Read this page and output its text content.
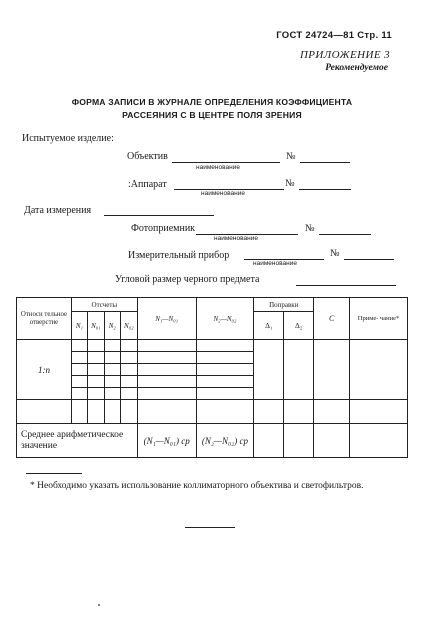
ГОСТ 24724—81 Стр. 11
ПРИЛОЖЕНИЕ 3
Рекомендуемое
ФОРМА ЗАПИСИ В ЖУРНАЛЕ ОПРЕДЕЛЕНИЯ КОЭФФИЦИЕНТА
РАССЕЯНИЯ С В ЦЕНТРЕ ПОЛЯ ЗРЕНИЯ
Испытуемое изделие:
Объектив
наименование
№
:Аппарат
наименование
№
Дата измерения
Фотоприемник
наименование
№
Измерительный прибор
наименование
№
Угловой размер черного предмета
Относи тельное отверстие	Отсчеты				N₁—N₀₁	N₂—N₀₂	Поправки		C	Приме- чание*
	N₁	N₀₁	N₂	N₀₂			Δ₁	Δ₂		
1:n										

Среднее арифметическое значение					(N₁—N₀₁) ср	(N₂—N₀₂) ср				
* Необходимо указать использование коллиматорного объектива и светофильтров.
